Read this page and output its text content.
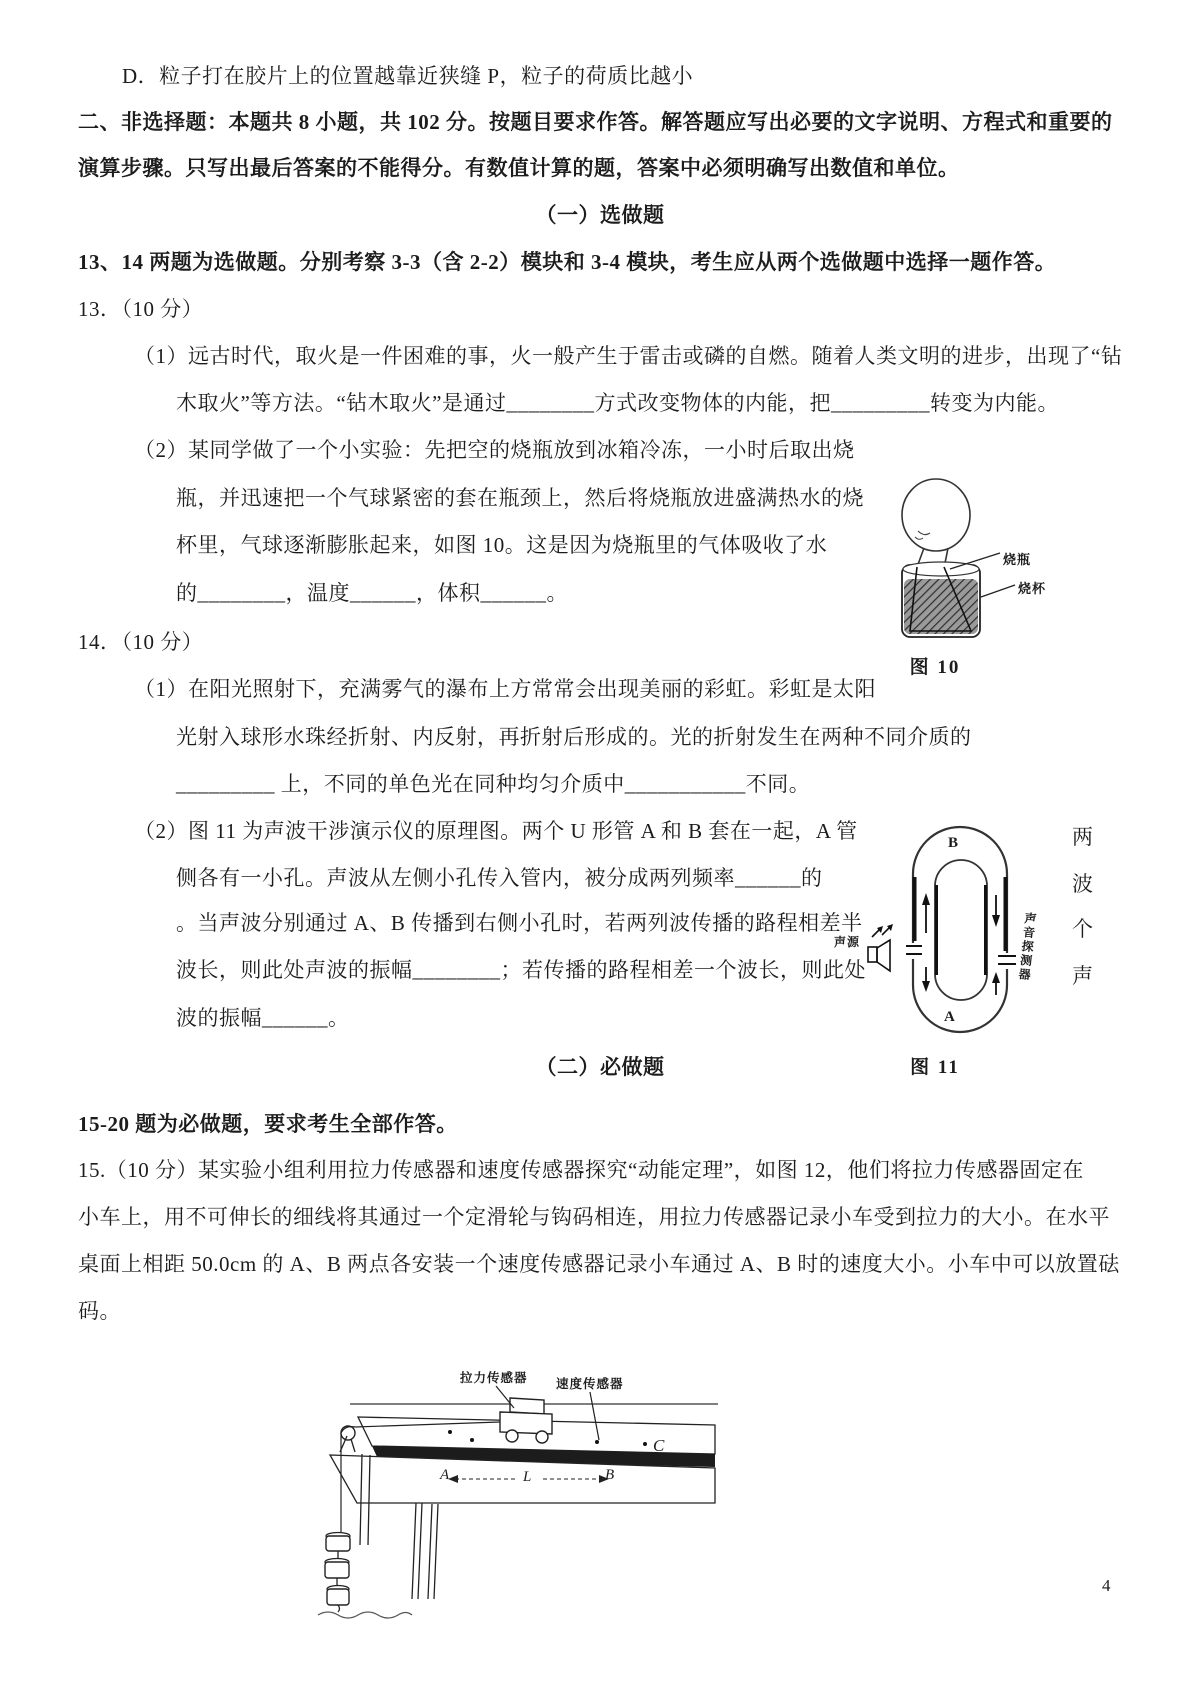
D．粒子打在胶片上的位置越靠近狭缝 P，粒子的荷质比越小
二、非选择题：本题共 8 小题，共 102 分。按题目要求作答。解答题应写出必要的文字说明、方程式和重要的
演算步骤。只写出最后答案的不能得分。有数值计算的题，答案中必须明确写出数值和单位。
（一）选做题
13、14 两题为选做题。分别考察 3-3（含 2-2）模块和 3-4 模块，考生应从两个选做题中选择一题作答。
13．（10 分）
（1）远古时代，取火是一件困难的事，火一般产生于雷击或磷的自燃。随着人类文明的进步，出现了“钻
木取火”等方法。“钻木取火”是通过________方式改变物体的内能，把_________转变为内能。
（2）某同学做了一个小实验：先把空的烧瓶放到冰箱冷冻，一小时后取出烧
瓶，并迅速把一个气球紧密的套在瓶颈上，然后将烧瓶放进盛满热水的烧
杯里，气球逐渐膨胀起来，如图 10。这是因为烧瓶里的气体吸收了水
的________，温度______，体积______。
14．（10 分）
（1）在阳光照射下，充满雾气的瀑布上方常常会出现美丽的彩虹。彩虹是太阳
光射入球形水珠经折射、内反射，再折射后形成的。光的折射发生在两种不同介质的
_________ 上，不同的单色光在同种均匀介质中___________不同。
（2）图 11 为声波干涉演示仪的原理图。两个 U 形管 A 和 B 套在一起，A 管
侧各有一小孔。声波从左侧小孔传入管内，被分成两列频率______的
。当声波分别通过 A、B 传播到右侧小孔时，若两列波传播的路程相差半
波长，则此处声波的振幅________；若传播的路程相差一个波长，则此处
波的振幅______。
两
波
个
声
（二）必做题
15-20 题为必做题，要求考生全部作答。
15.（10 分）某实验小组利用拉力传感器和速度传感器探究“动能定理”，如图 12，他们将拉力传感器固定在
小车上，用不可伸长的细线将其通过一个定滑轮与钩码相连，用拉力传感器记录小车受到拉力的大小。在水平
桌面上相距 50.0cm 的 A、B 两点各安装一个速度传感器记录小车通过 A、B 时的速度大小。小车中可以放置砝
码。
烧瓶
烧杯
图 10
声源	声音探测器
B
A
图 11
拉力传感器 速度传感器
A	L	B
C
4
